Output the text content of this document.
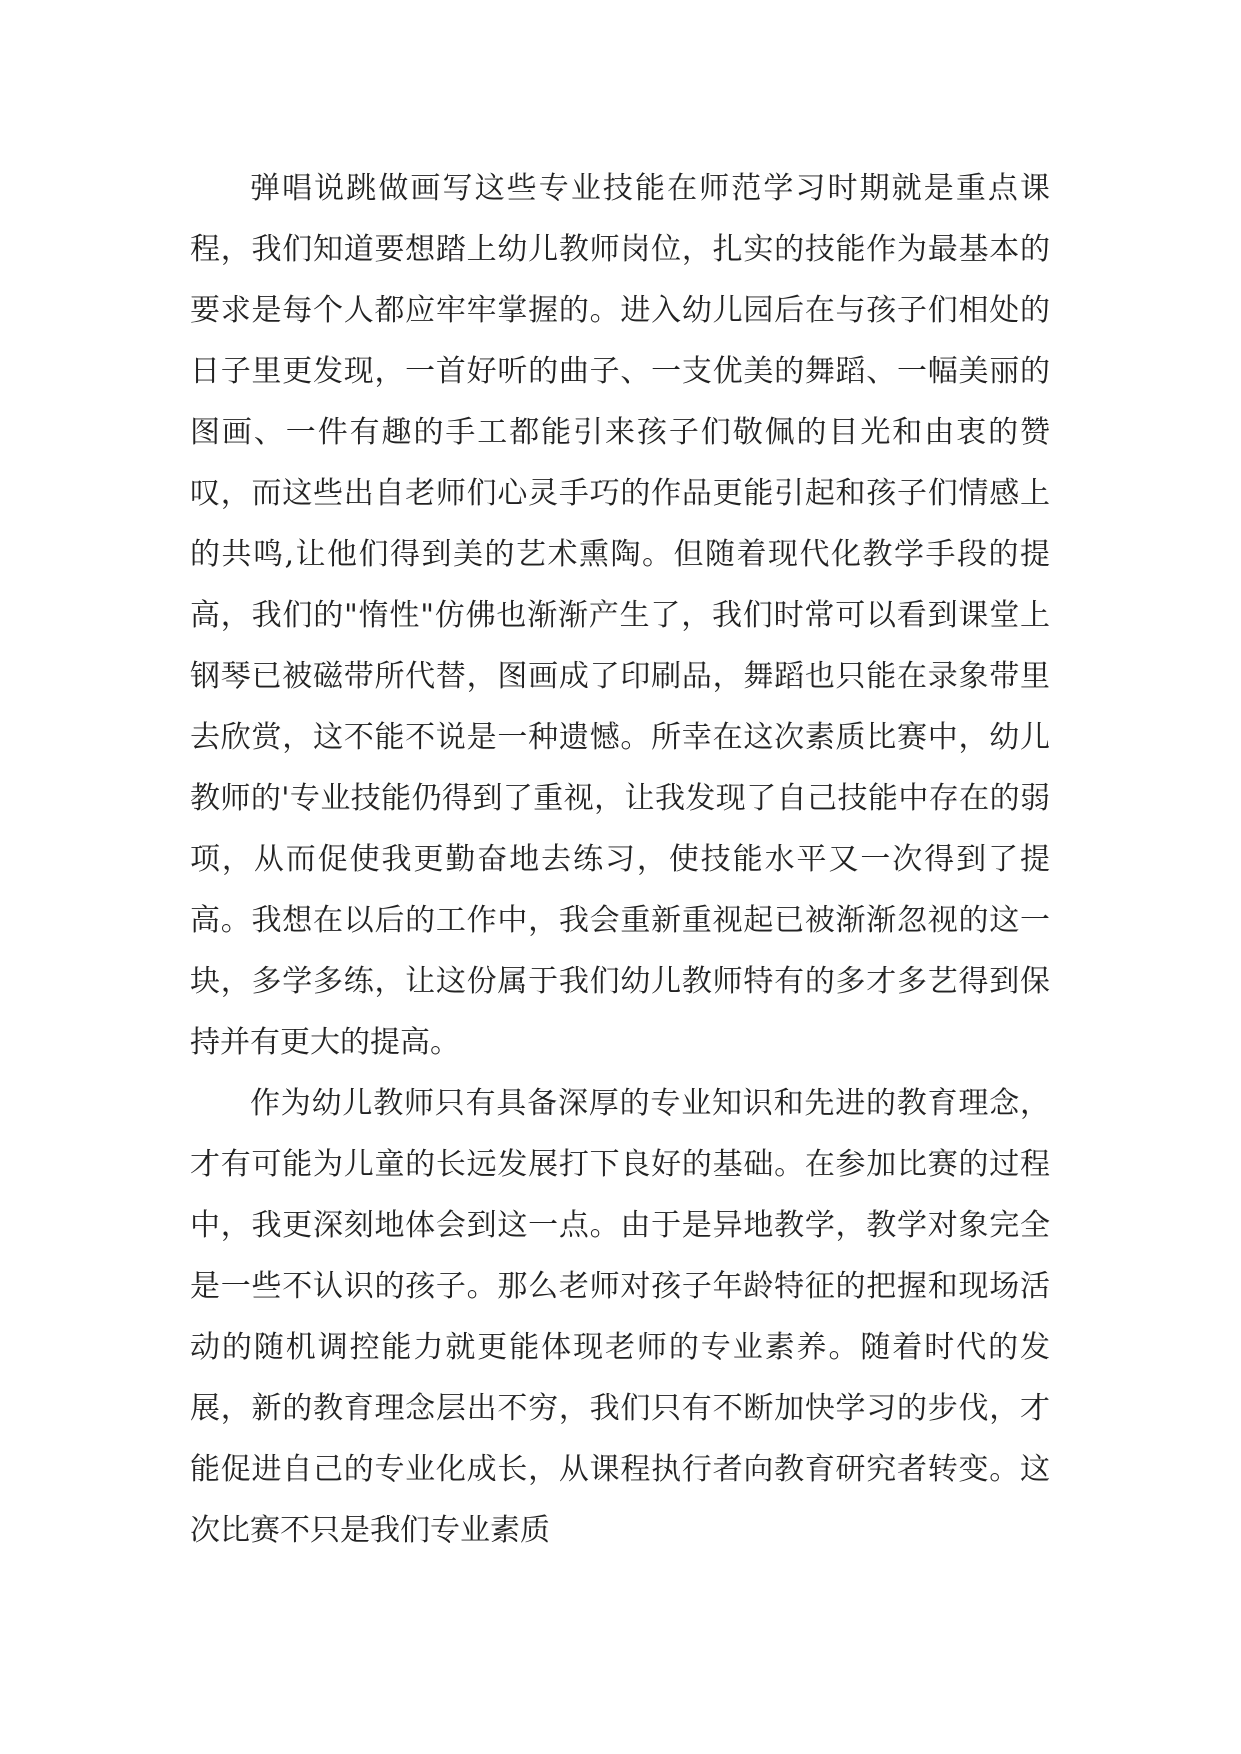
弹唱说跳做画写这些专业技能在师范学习时期就是重点课程，我们知道要想踏上幼儿教师岗位，扎实的技能作为最基本的要求是每个人都应牢牢掌握的。进入幼儿园后在与孩子们相处的日子里更发现，一首好听的曲子、一支优美的舞蹈、一幅美丽的图画、一件有趣的手工都能引来孩子们敬佩的目光和由衷的赞叹，而这些出自老师们心灵手巧的作品更能引起和孩子们情感上的共鸣,让他们得到美的艺术熏陶。但随着现代化教学手段的提高，我们的"惰性"仿佛也渐渐产生了，我们时常可以看到课堂上钢琴已被磁带所代替，图画成了印刷品，舞蹈也只能在录象带里去欣赏，这不能不说是一种遗憾。所幸在这次素质比赛中，幼儿教师的'专业技能仍得到了重视，让我发现了自己技能中存在的弱项，从而促使我更勤奋地去练习，使技能水平又一次得到了提高。我想在以后的工作中，我会重新重视起已被渐渐忽视的这一块，多学多练，让这份属于我们幼儿教师特有的多才多艺得到保持并有更大的提高。

作为幼儿教师只有具备深厚的专业知识和先进的教育理念，才有可能为儿童的长远发展打下良好的基础。在参加比赛的过程中，我更深刻地体会到这一点。由于是异地教学，教学对象完全是一些不认识的孩子。那么老师对孩子年龄特征的把握和现场活动的随机调控能力就更能体现老师的专业素养。随着时代的发展，新的教育理念层出不穷，我们只有不断加快学习的步伐，才能促进自己的专业化成长，从课程执行者向教育研究者转变。这次比赛不只是我们专业素质
